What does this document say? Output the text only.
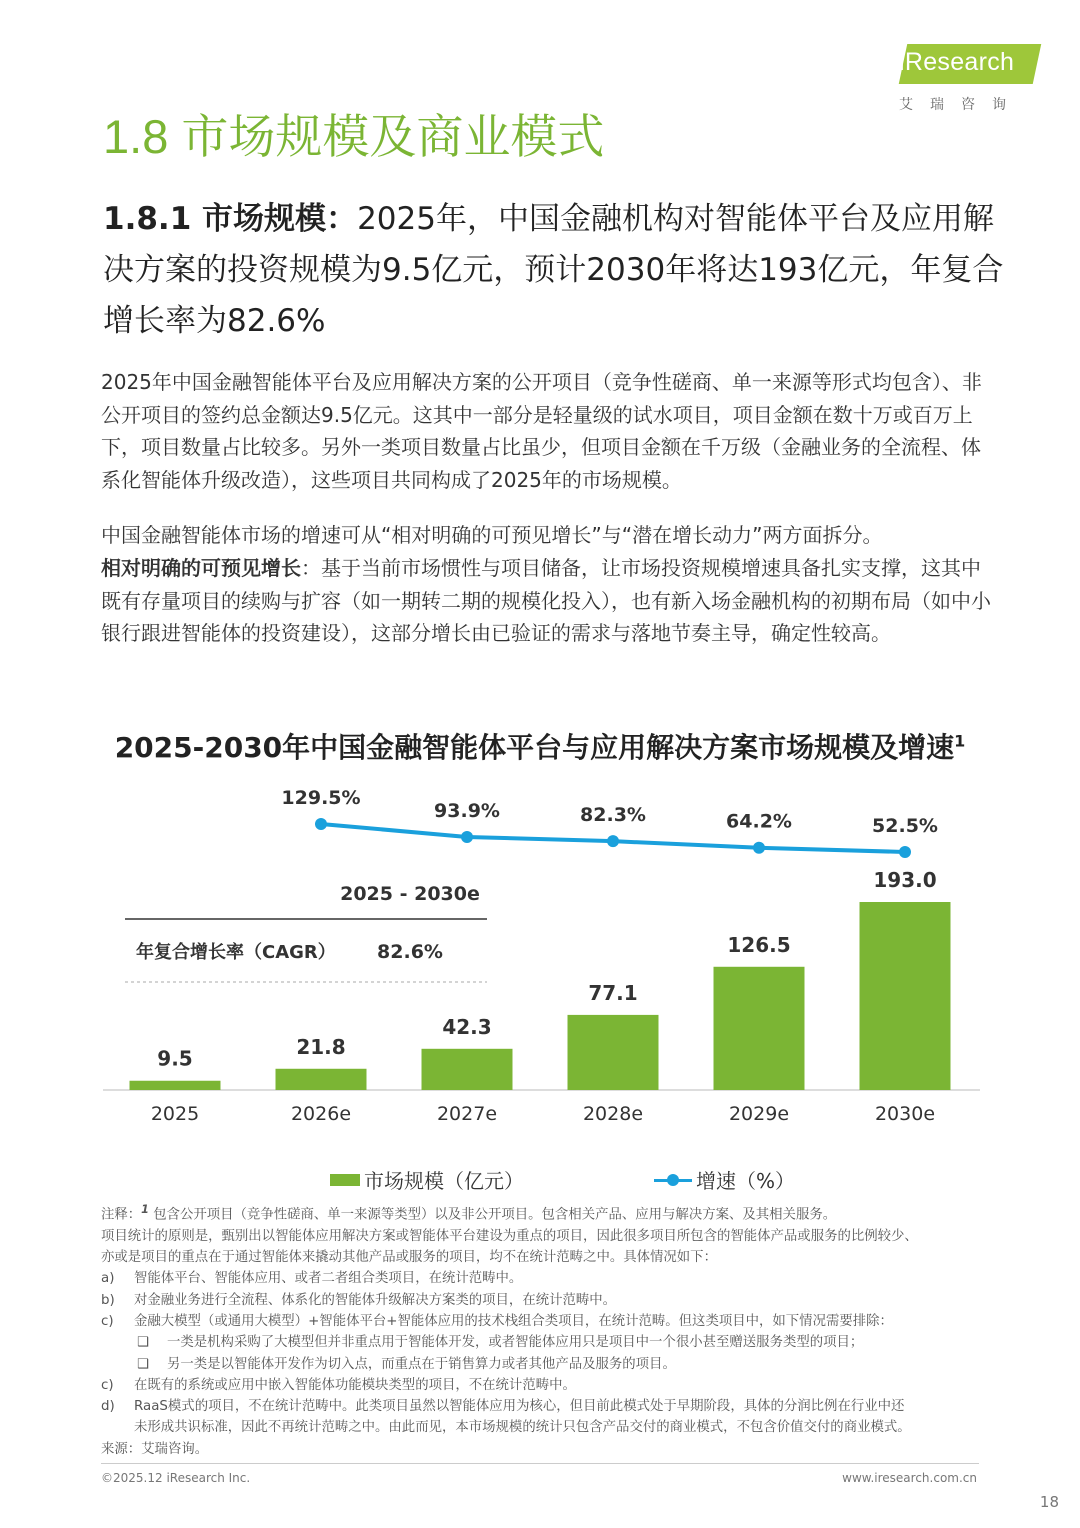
iResearch
艾瑞咨询
1.8 市场规模及商业模式
1.8.1 市场规模：2025年，中国金融机构对智能体平台及应用解决方案的投资规模为9.5亿元，预计2030年将达193亿元，年复合增长率为82.6%

2025年中国金融智能体平台及应用解决方案的公开项目（竞争性磋商、单一来源等形式均包含）、非公开项目的签约总金额达9.5亿元。这其中一部分是轻量级的试水项目，项目金额在数十万或百万上下，项目数量占比较多。另外一类项目数量占比虽少，但项目金额在千万级（金融业务的全流程、体系化智能体升级改造），这些项目共同构成了2025年的市场规模。

中国金融智能体市场的增速可从“相对明确的可预见增长”与“潜在增长动力”两方面拆分。

相对明确的可预见增长：基于当前市场惯性与项目储备，让市场投资规模增速具备扎实支撑，这其中既有存量项目的续购与扩容（如一期转二期的规模化投入），也有新入场金融机构的初期布局（如中小银行跟进智能体的投资建设），这部分增长由已验证的需求与落地节奏主导，确定性较高。

2025-2030年中国金融智能体平台与应用解决方案市场规模及增速$^1$
9.5
2025
21.8
2026e
42.3
2027e
77.1
2028e
126.5
2029e
193.0
2030e
129.5%
93.9%	82.3%	64.2%	52.5%
2025 - 2030e
年复合增长率（CAGR） 82.6%
市场规模（亿元）	增速（%）
注释：$^1$ 包含公开项目（竞争性磋商、单一来源等类型）以及非公开项目。包含相关产品、应用与解决方案、及其相关服务。
项目统计的原则是，甄别出以智能体应用解决方案或智能体平台建设为重点的项目，因此很多项目所包含的智能体产品或服务的比例较少、
亦或是项目的重点在于通过智能体来撬动其他产品或服务的项目，均不在统计范畴之中。具体情况如下：
a) 智能体平台、智能体应用、或者二者组合类项目，在统计范畴中。
b) 对金融业务进行全流程、体系化的智能体升级解决方案类的项目，在统计范畴中。
c) 金融大模型（或通用大模型）+智能体平台+智能体应用的技术栈组合类项目，在统计范畴。但这类项目中，如下情况需要排除：
❑ 一类是机构采购了大模型但并非重点用于智能体开发，或者智能体应用只是项目中一个很小甚至赠送服务类型的项目；
❑ 另一类是以智能体开发作为切入点，而重点在于销售算力或者其他产品及服务的项目。
c) 在既有的系统或应用中嵌入智能体功能模块类型的项目，不在统计范畴中。
d) RaaS模式的项目，不在统计范畴中。此类项目虽然以智能体应用为核心，但目前此模式处于早期阶段，具体的分润比例在行业中还
未形成共识标准，因此不再统计范畴之中。由此而见，本市场规模的统计只包含产品交付的商业模式，不包含价值交付的商业模式。
来源：艾瑞咨询。
©2025.12 iResearch Inc.	www.iresearch.com.cn
18
